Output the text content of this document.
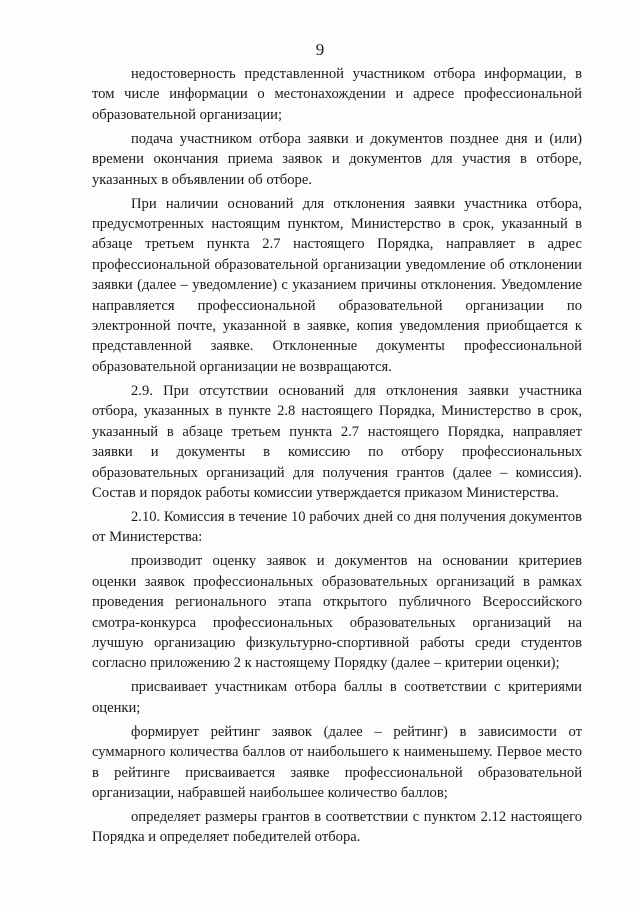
9

недостоверность представленной участником отбора информации, в том числе информации о местонахождении и адресе профессиональной образовательной организации;

подача участником отбора заявки и документов позднее дня и (или) времени окончания приема заявок и документов для участия в отборе, указанных в объявлении об отборе.

При наличии оснований для отклонения заявки участника отбора, предусмотренных настоящим пунктом, Министерство в срок, указанный в абзаце третьем пункта 2.7 настоящего Порядка, направляет в адрес профессиональной образовательной организации уведомление об отклонении заявки (далее – уведомление) с указанием причины отклонения. Уведомление направляется профессиональной образовательной организации по электронной почте, указанной в заявке, копия уведомления приобщается к представленной заявке. Отклоненные документы профессиональной образовательной организации не возвращаются.

2.9. При отсутствии оснований для отклонения заявки участника отбора, указанных в пункте 2.8 настоящего Порядка, Министерство в срок, указанный в абзаце третьем пункта 2.7 настоящего Порядка, направляет заявки и документы в комиссию по отбору профессиональных образовательных организаций для получения грантов (далее – комиссия). Состав и порядок работы комиссии утверждается приказом Министерства.

2.10. Комиссия в течение 10 рабочих дней со дня получения документов от Министерства:

производит оценку заявок и документов на основании критериев оценки заявок профессиональных образовательных организаций в рамках проведения регионального этапа открытого публичного Всероссийского смотра-конкурса профессиональных образовательных организаций на лучшую организацию физкультурно-спортивной работы среди студентов согласно приложению 2 к настоящему Порядку (далее – критерии оценки);

присваивает участникам отбора баллы в соответствии с критериями оценки;

формирует рейтинг заявок (далее – рейтинг) в зависимости от суммарного количества баллов от наибольшего к наименьшему. Первое место в рейтинге присваивается заявке профессиональной образовательной организации, набравшей наибольшее количество баллов;

определяет размеры грантов в соответствии с пунктом 2.12 настоящего Порядка и определяет победителей отбора.
